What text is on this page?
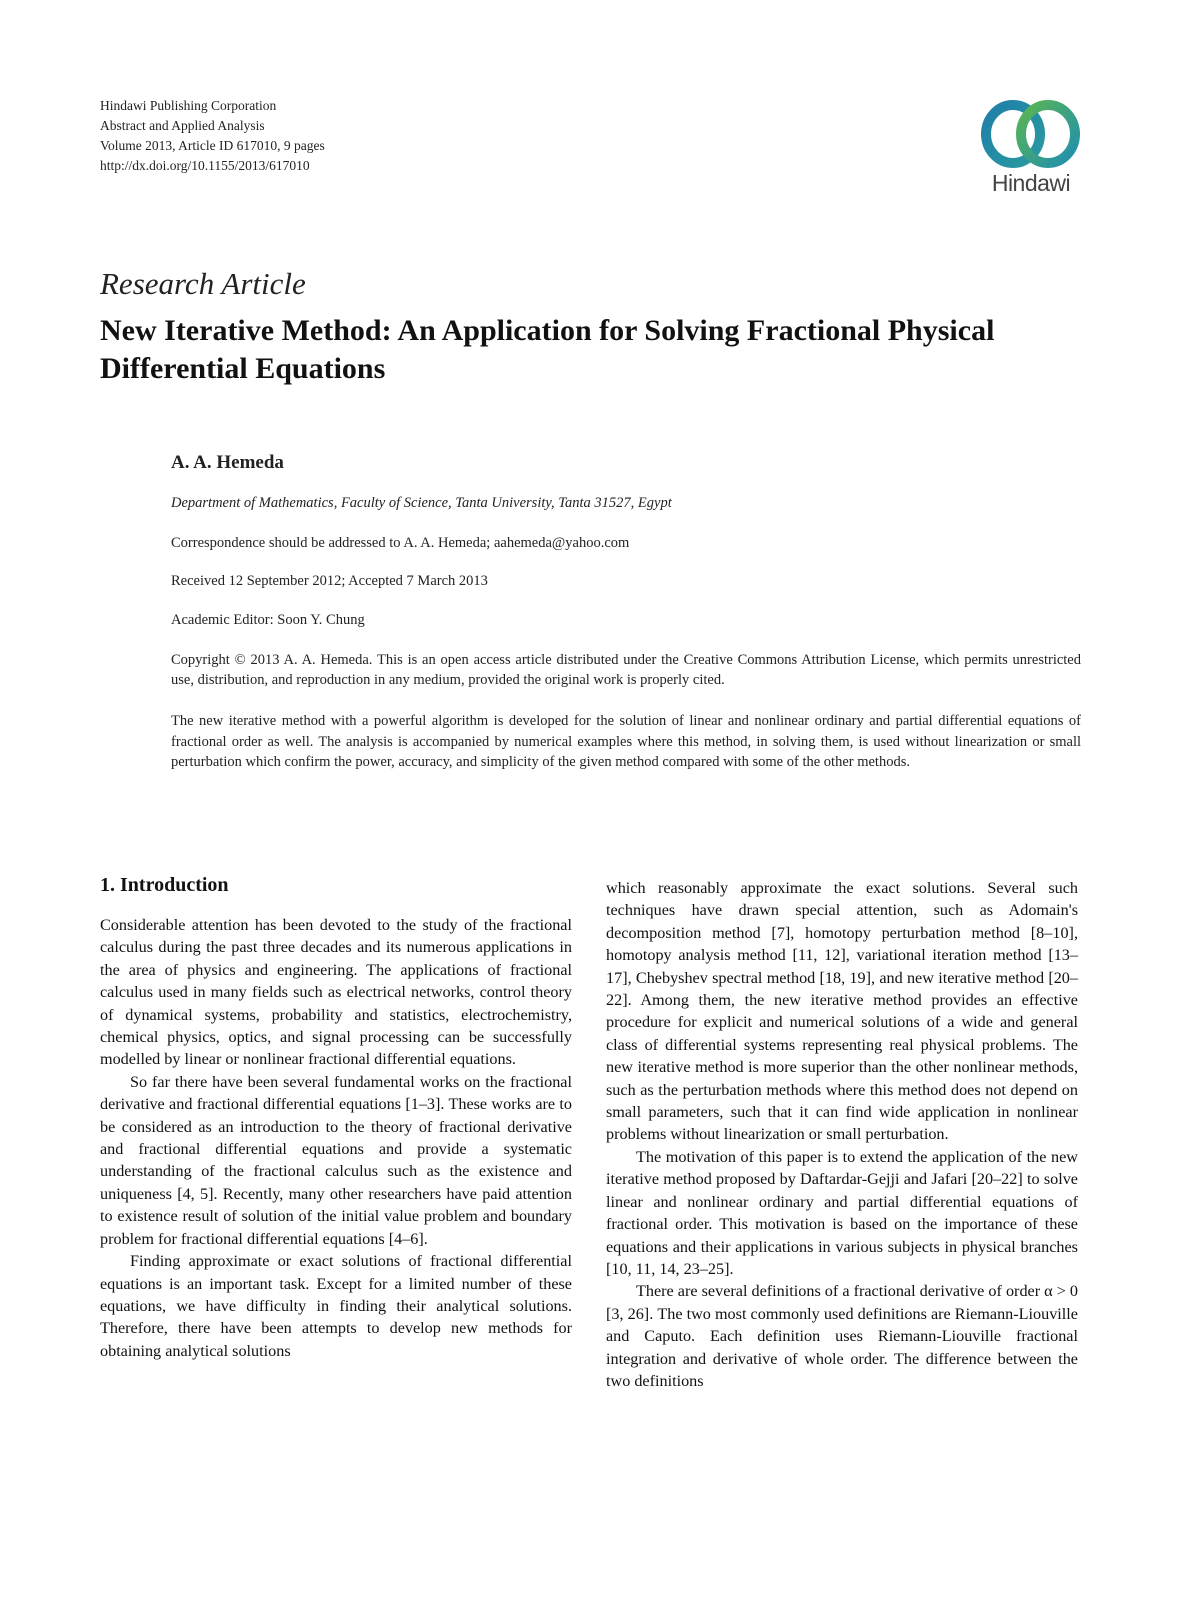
Hindawi Publishing Corporation
Abstract and Applied Analysis
Volume 2013, Article ID 617010, 9 pages
http://dx.doi.org/10.1155/2013/617010
Hindawi
Research Article
New Iterative Method: An Application for Solving Fractional Physical Differential Equations
A. A. Hemeda
Department of Mathematics, Faculty of Science, Tanta University, Tanta 31527, Egypt
Correspondence should be addressed to A. A. Hemeda; aahemeda@yahoo.com
Received 12 September 2012; Accepted 7 March 2013
Academic Editor: Soon Y. Chung
Copyright © 2013 A. A. Hemeda. This is an open access article distributed under the Creative Commons Attribution License, which permits unrestricted use, distribution, and reproduction in any medium, provided the original work is properly cited.
The new iterative method with a powerful algorithm is developed for the solution of linear and nonlinear ordinary and partial differential equations of fractional order as well. The analysis is accompanied by numerical examples where this method, in solving them, is used without linearization or small perturbation which confirm the power, accuracy, and simplicity of the given method compared with some of the other methods.
1. Introduction

Considerable attention has been devoted to the study of the fractional calculus during the past three decades and its numerous applications in the area of physics and engineering. The applications of fractional calculus used in many fields such as electrical networks, control theory of dynamical systems, probability and statistics, electrochemistry, chemical physics, optics, and signal processing can be successfully modelled by linear or nonlinear fractional differential equations.

So far there have been several fundamental works on the fractional derivative and fractional differential equations [1–3]. These works are to be considered as an introduction to the theory of fractional derivative and fractional differential equations and provide a systematic understanding of the fractional calculus such as the existence and uniqueness [4, 5]. Recently, many other researchers have paid attention to existence result of solution of the initial value problem and boundary problem for fractional differential equations [4–6].

Finding approximate or exact solutions of fractional differential equations is an important task. Except for a limited number of these equations, we have difficulty in finding their analytical solutions. Therefore, there have been attempts to develop new methods for obtaining analytical solutions

which reasonably approximate the exact solutions. Several such techniques have drawn special attention, such as Adomain's decomposition method [7], homotopy perturbation method [8–10], homotopy analysis method [11, 12], variational iteration method [13–17], Chebyshev spectral method [18, 19], and new iterative method [20–22]. Among them, the new iterative method provides an effective procedure for explicit and numerical solutions of a wide and general class of differential systems representing real physical problems. The new iterative method is more superior than the other nonlinear methods, such as the perturbation methods where this method does not depend on small parameters, such that it can find wide application in nonlinear problems without linearization or small perturbation.

The motivation of this paper is to extend the application of the new iterative method proposed by Daftardar-Gejji and Jafari [20–22] to solve linear and nonlinear ordinary and partial differential equations of fractional order. This motivation is based on the importance of these equations and their applications in various subjects in physical branches [10, 11, 14, 23–25].

There are several definitions of a fractional derivative of order α > 0 [3, 26]. The two most commonly used definitions are Riemann-Liouville and Caputo. Each definition uses Riemann-Liouville fractional integration and derivative of whole order. The difference between the two definitions
